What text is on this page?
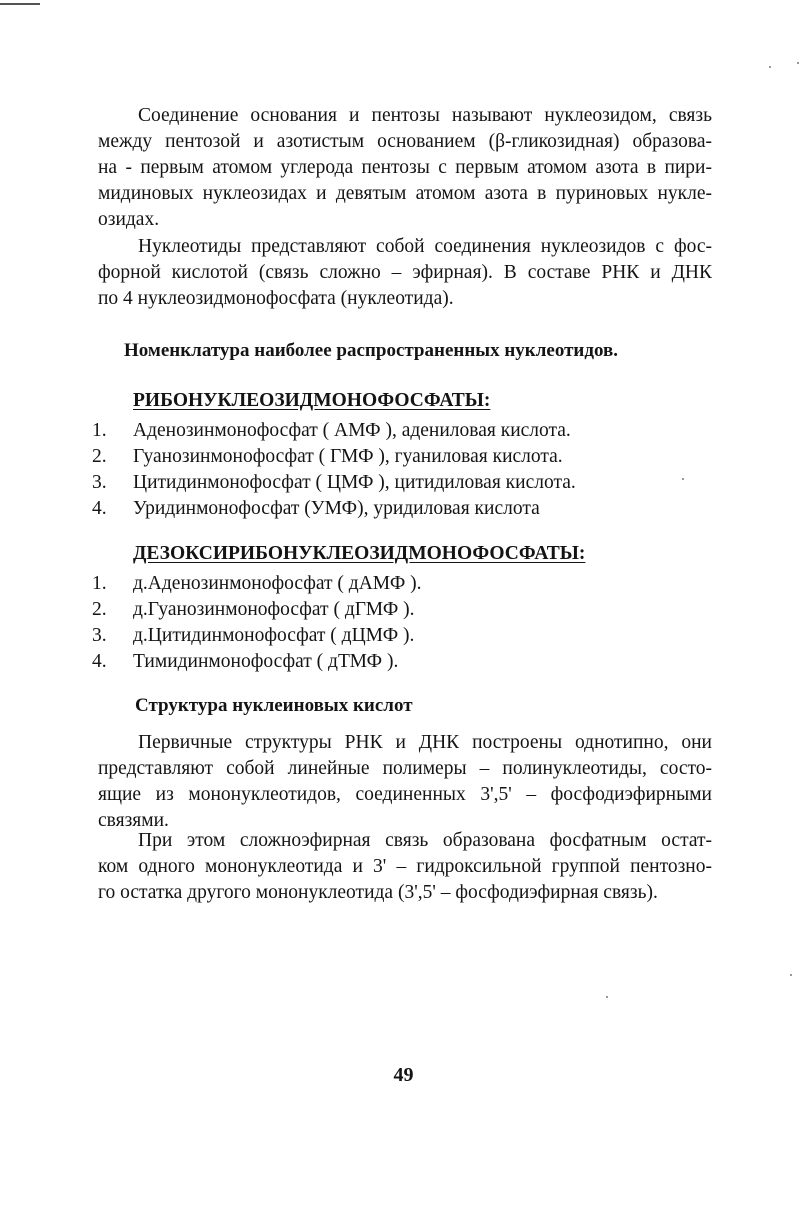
Соединение основания и пентозы называют нуклеозидом, связь
между пентозой и азотистым основанием (β-гликозидная) образова-
на - первым атомом углерода пентозы с первым атомом азота в пири-
мидиновых нуклеозидах и девятым атомом азота в пуриновых нукле-
озидах.

Нуклеотиды представляют собой соединения нуклеозидов с фос-
форной кислотой (связь сложно – эфирная). В составе РНК и ДНК
по 4 нуклеозидмонофосфата (нуклеотида).

Номенклатура наиболее распространенных нуклеотидов.
РИБОНУКЛЕОЗИДМОНОФОСФАТЫ:
1. Аденозинмонофосфат ( АМФ ), адениловая кислота.
2. Гуанозинмонофосфат ( ГМФ ), гуаниловая кислота.
3. Цитидинмонофосфат ( ЦМФ ), цитидиловая кислота.
4. Уридинмонофосфат (УМФ), уридиловая кислота
ДЕЗОКСИРИБОНУКЛЕОЗИДМОНОФОСФАТЫ:
1. д.Аденозинмонофосфат ( дАМФ ).
2. д.Гуанозинмонофосфат ( дГМФ ).
3. д.Цитидинмонофосфат ( дЦМФ ).
4. Тимидинмонофосфат ( дТМФ ).
Структура нуклеиновых кислот

Первичные структуры РНК и ДНК построены однотипно, они
представляют собой линейные полимеры – полинуклеотиды, состо-
ящие из мононуклеотидов, соединенных 3',5' – фосфодиэфирными
связями.

При этом сложноэфирная связь образована фосфатным остат-
ком одного мононуклеотида и 3' – гидроксильной группой пентозно-
го остатка другого мононуклеотида (3',5' – фосфодиэфирная связь).

49
